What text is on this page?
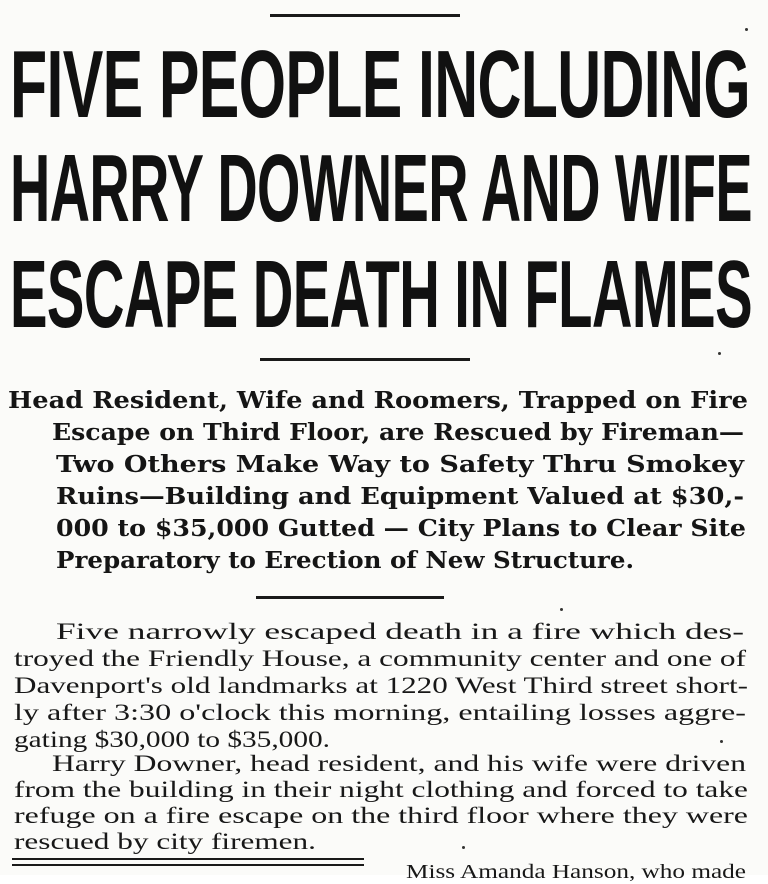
FIVE PEOPLE INCLUDING
HARRY DOWNER AND WIFE
ESCAPE DEATH IN FLAMES
Head Resident, Wife and Roomers, Trapped on Fire
Escape on Third Floor, are Rescued by Fireman—
Two Others Make Way to Safety Thru Smokey
Ruins—Building and Equipment Valued at $30,-
000 to $35,000 Gutted — City Plans to Clear Site
Preparatory to Erection of New Structure.
Five narrowly escaped death in a fire which des-
troyed the Friendly House, a community center and one of
Davenport's old landmarks at 1220 West Third street short-
ly after 3:30 o'clock this morning, entailing losses aggre-
gating $30,000 to $35,000.
Harry Downer, head resident, and his wife were driven
from the building in their night clothing and forced to take
refuge on a fire escape on the third floor where they were
rescued by city firemen.
Miss Amanda Hanson, who made
